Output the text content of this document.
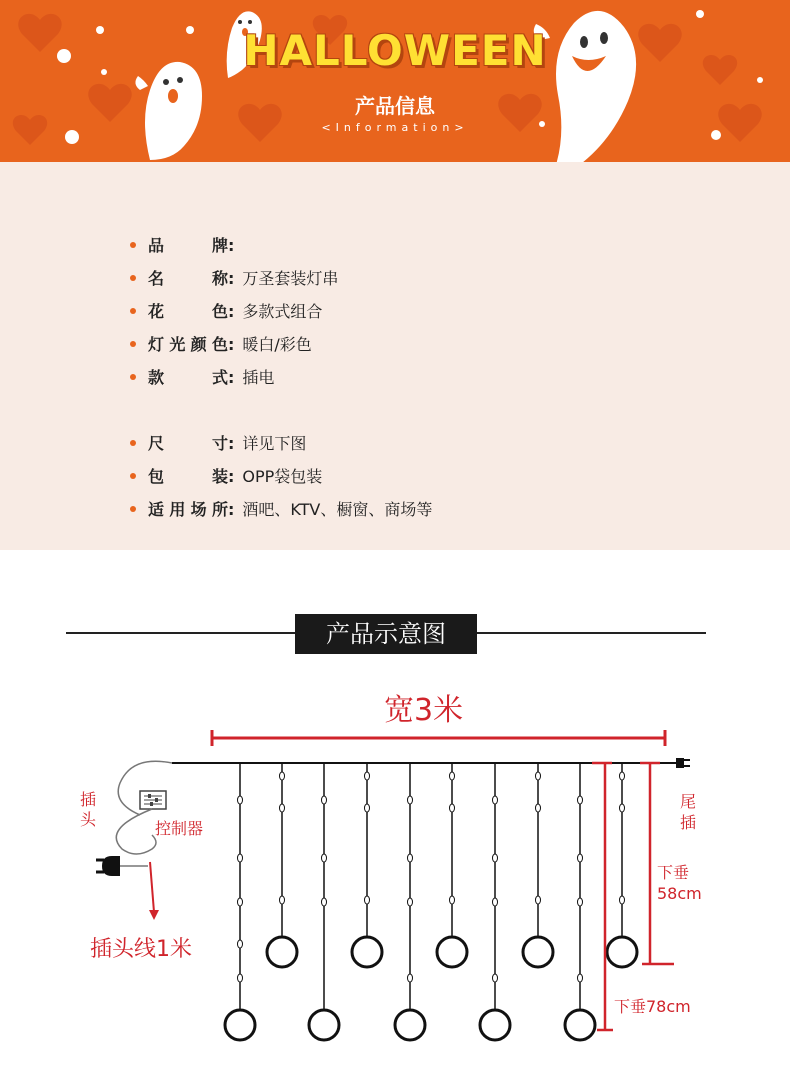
HALLOWEEN
产品信息
<Information>
品牌:
名称: 万圣套装灯串
花色: 多款式组合
灯光颜色: 暖白/彩色
款式: 插电
尺寸: 详见下图
包装: OPP袋包装
适用场所: 酒吧、KTV、橱窗、商场等
产品示意图
宽3米
插头	控制器
插头线1米
尾插
下垂 58cm
下垂78cm
